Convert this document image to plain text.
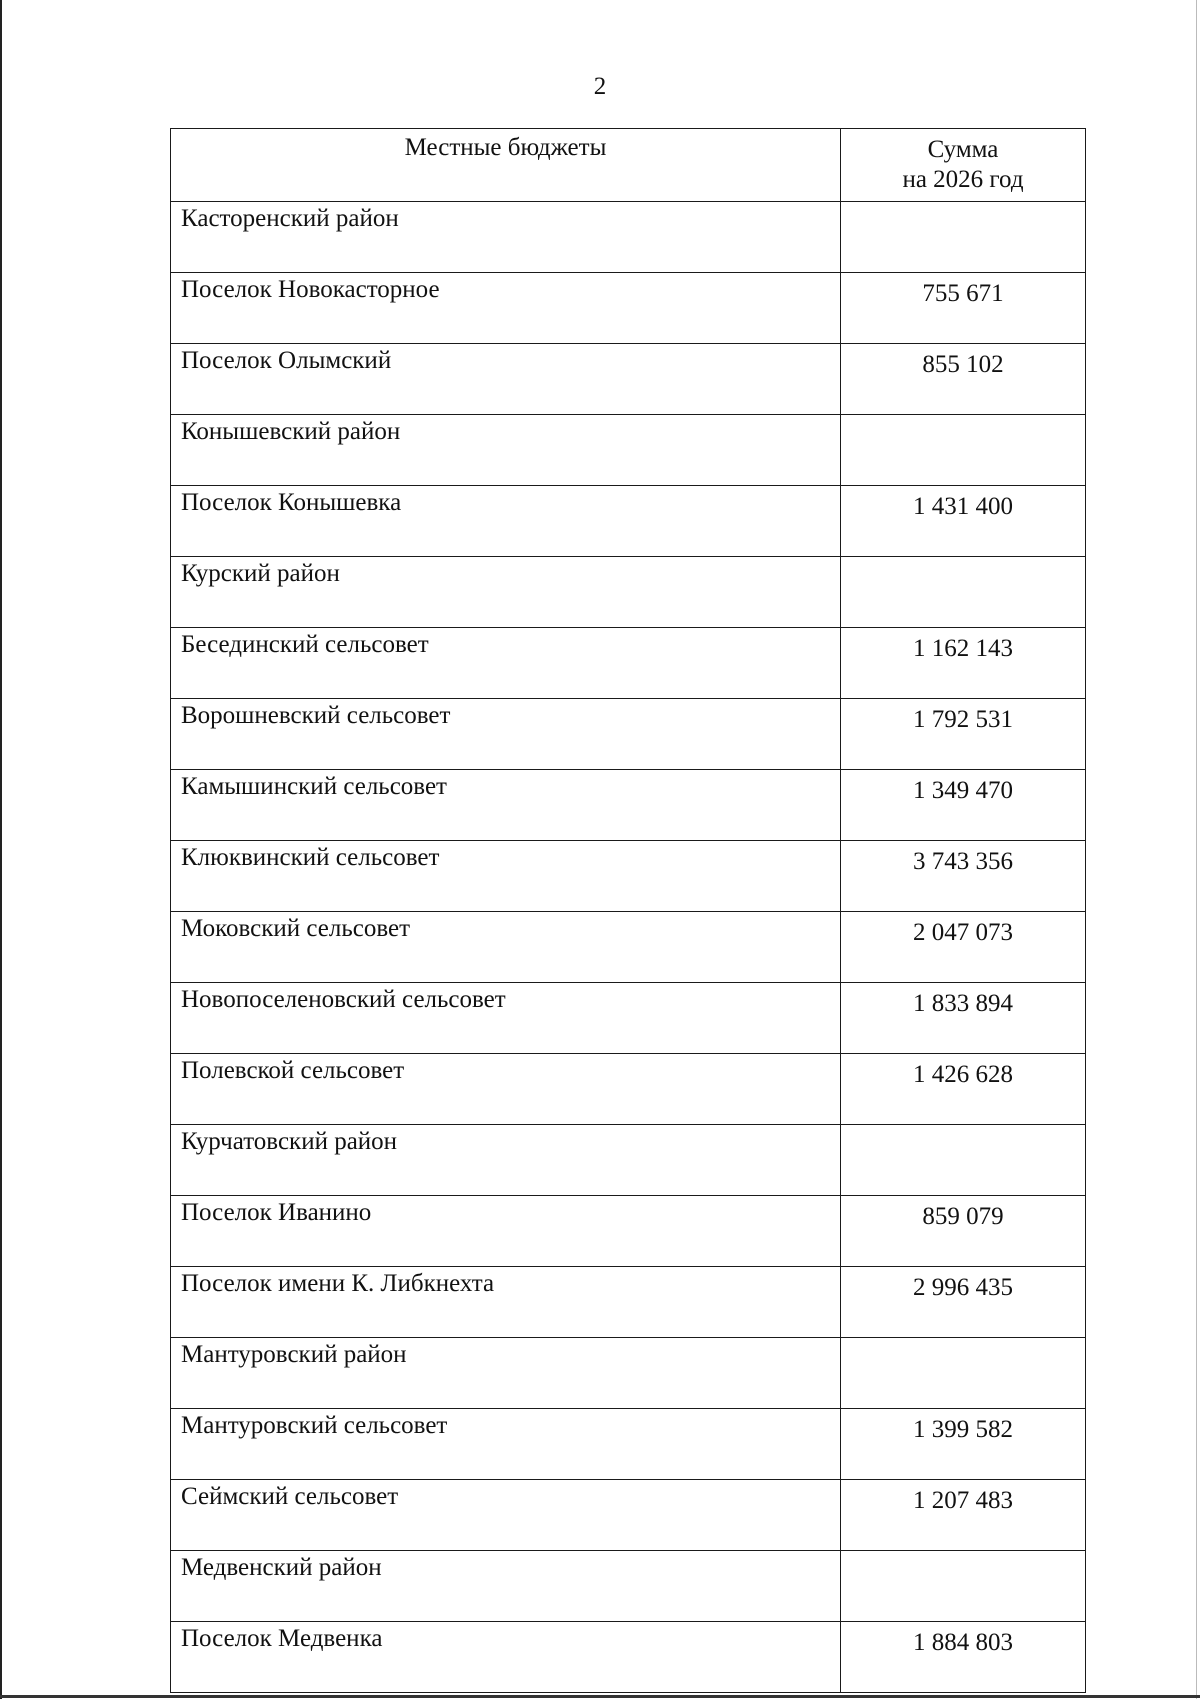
2
Местные бюджеты	Сумма
на 2026 год

Касторенский район	
Поселок Новокасторное	755 671
Поселок Олымский	855 102
Конышевский район	
Поселок Конышевка	1 431 400
Курский район	
Бесединский сельсовет	1 162 143
Ворошневский сельсовет	1 792 531
Камышинский сельсовет	1 349 470
Клюквинский сельсовет	3 743 356
Моковский сельсовет	2 047 073
Новопоселеновский сельсовет	1 833 894
Полевской сельсовет	1 426 628
Курчатовский район	
Поселок Иванино	859 079
Поселок имени К. Либкнехта	2 996 435
Мантуровский район	
Мантуровский сельсовет	1 399 582
Сеймский сельсовет	1 207 483
Медвенский район	
Поселок Медвенка	1 884 803
